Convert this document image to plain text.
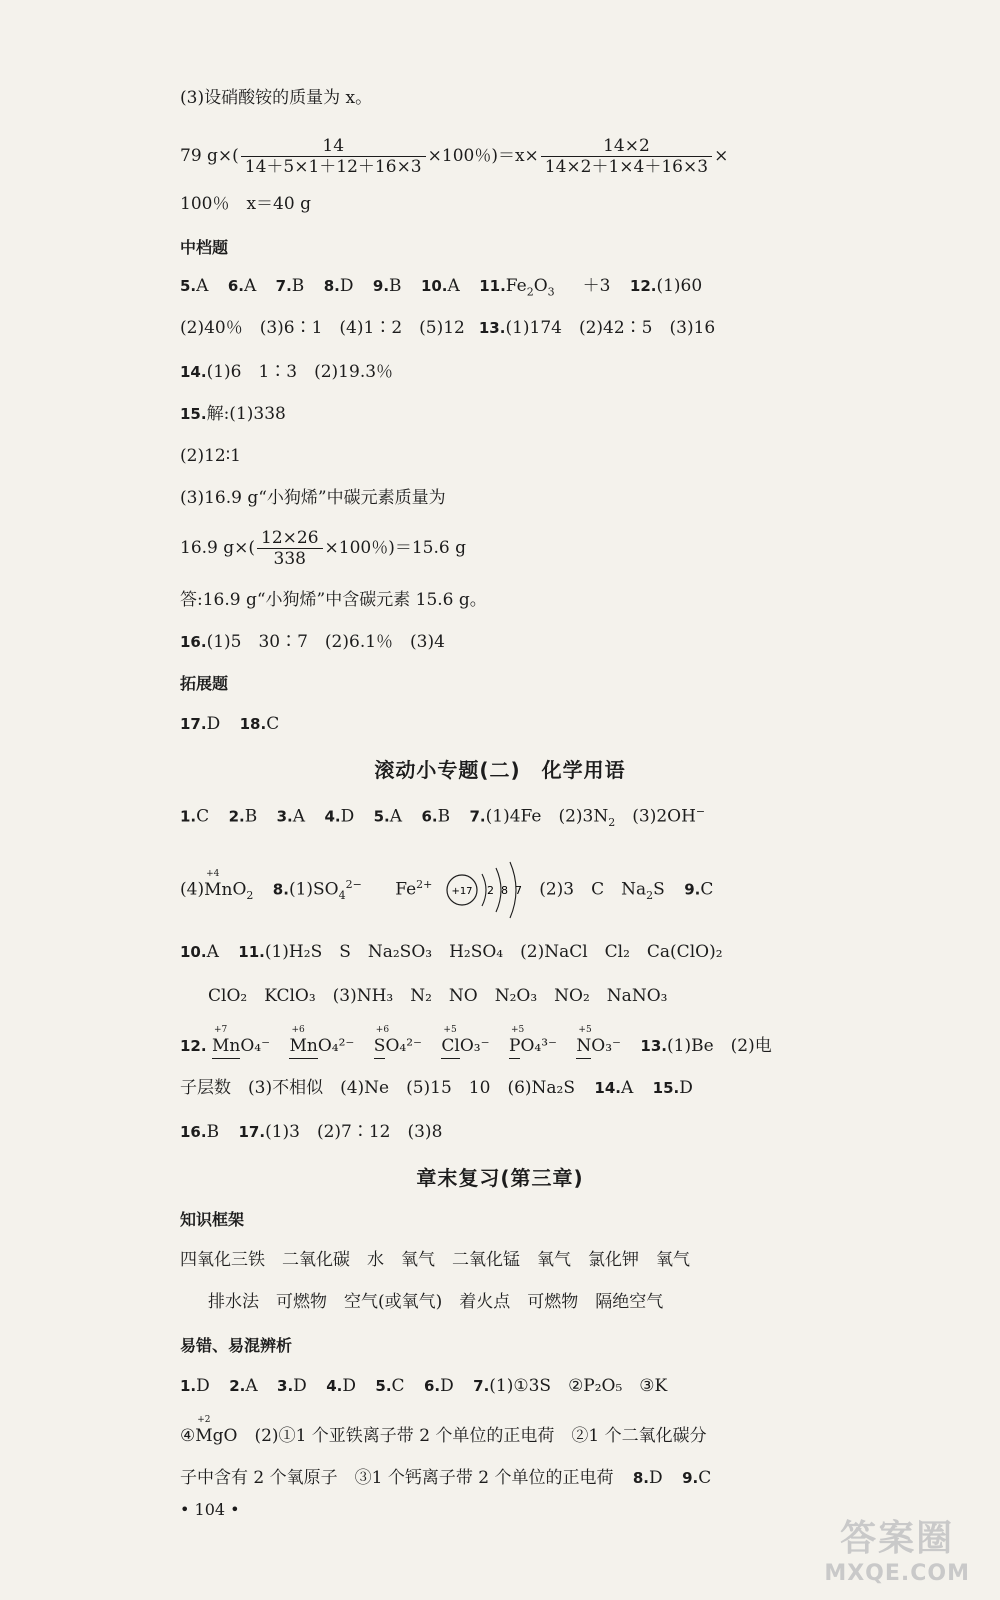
(3)设硝酸铵的质量为 x。
79 $g\times( \frac{14}{14+5\times 1+12+16\times 3} \times 100$％)$=x\times \frac{14\times 2}{14\times 2+1\times 4+16\times 3}$ ×
100％　x＝40 g
中档题
5.A 6.A 7.B 8.D 9.B 10.A $11.Fe_2O_3 +3$ 12.(1)60
(2)40％　(3)6∶1　(4)1∶2　(5)12 13.(1)174　(2)42∶5　(3)16
14.(1)6　1∶3　(2)19.3％
15.解:(1)338
(2)12∶1
(3)16.9 g“小狗烯”中碳元素质量为
16.9 $g\times( \frac{12\times 26}{338} \times 100$％)＝15.6 g
答:16.9 g“小狗烯”中含碳元素 15.6 g。
16.(1)5　30∶7　(2)6.1％　(3)4
拓展题
17.D 18.C
滚动小专题(二)　化学用语
1.C 2.B 3.A 4.D 5.A 6.B 7.(1)4Fe　$(2)3N_2$　(3)2OH−
(4)
+4
MnO$_2$ $8.(1)SO_4^{2-}$ $Fe^{2+}$
+17 2 8 7 (2)3　C　$Na_2S$ 9.C
10.A 11.(1)H₂S　S　Na₂SO₃　H₂SO₄　(2)NaCl　Cl₂　Ca(ClO)₂
ClO₂　KClO₃　(3)NH₃　N₂　NO　N₂O₃　NO₂　NaNO₃
12.
+7
MnO₄⁻
+6
MnO₄²⁻
+6
SO₄²⁻
+5
ClO₃⁻
+5
PO₄³⁻
+5
NO₃⁻ 13.(1)Be　(2)电
子层数　(3)不相似　(4)Ne　(5)15　10　(6)Na₂S 14.A 15.D
16.B 17.(1)3　(2)7∶12　(3)8
章末复习(第三章)
知识框架
四氧化三铁　二氧化碳　水　氧气　二氧化锰　氧气　氯化钾　氧气
排水法　可燃物　空气(或氧气)　着火点　可燃物　隔绝空气
易错、易混辨析
1.D 2.A 3.D 4.D 5.C 6.D 7.(1)①3S　②P₂O₅　③K
④
+2
MgO　(2)①1 个亚铁离子带 2 个单位的正电荷　②1 个二氧化碳分
子中含有 2 个氧原子　③1 个钙离子带 2 个单位的正电荷 8.D 9.C
• 104 •
答案圈
MXQE.COM
